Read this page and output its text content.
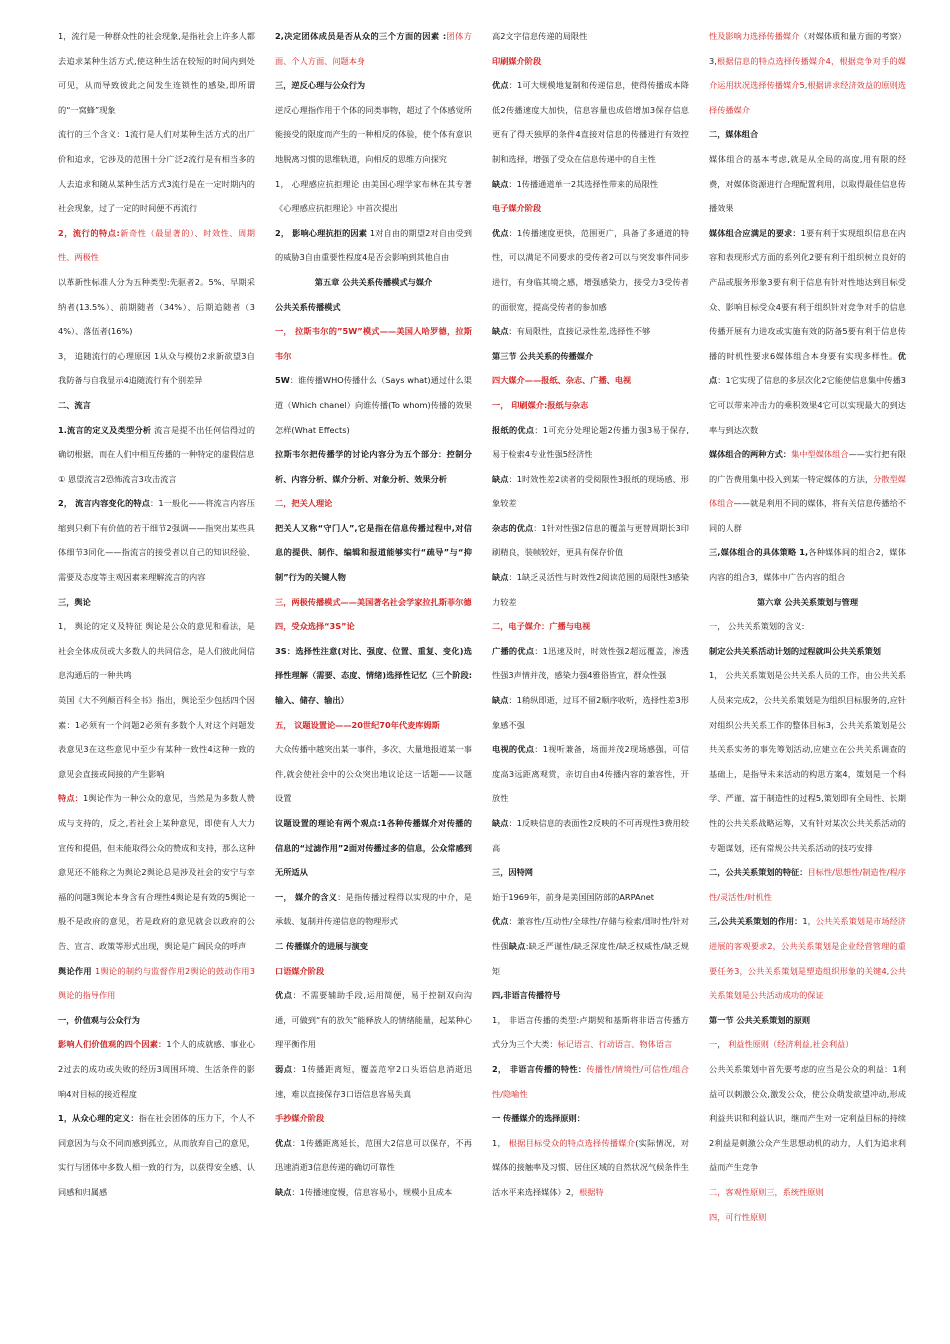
1，流行是一种群众性的社会现象,是指社会上许多人都去追求某种生活方式,使这种生活在较短的时间内到处可见，从而导致彼此之间发生连锁性的感染,即所谓的“一窝蜂”现象

流行的三个含义：1流行是人们对某种生活方式的出厂价和追求，它涉及的范围十分广泛2流行是有相当多的人去追求和随从某种生活方式3流行是在一定时期内的社会现象，过了一定的时间便不再流行

2，流行的特点:新奇性（最显著的）、时效性、周期性、两极性

以革新性标准人分为五种类型:先驱者2。5%、早期采纳者(13.5%）、前期随者（34%）、后期追随者（34%）、落伍者(16%)

3， 追随流行的心理原因 1从众与模仿2求新欲望3自我防备与自我显示4追随流行有个别差异

二、流言

1.流言的定义及类型分析 流言是提不出任何信得过的确切根据，而在人们中相互传播的一种特定的虚假信息

① 恩望流言2恐怖流言3攻击流言

2， 流言内容变化的特点：1一般化——将流言内容压缩到只剩下有价值的若干细节2强调——指突出某些具体细节3同化——指流言的接受者以自己的知识经验、需要及态度等主观因素来理解流言的内容

三，舆论

1， 舆论的定义及特征 舆论是公众的意见和看法，是社会全体成员或大多数人的共同信念，是人们彼此间信息沟通后的一种共鸣

英国《大不列颠百科全书》指出，舆论至少包括四个因素：1必须有一个问题2必须有多数个人对这个问题发表意见3在这些意见中至少有某种一致性4这种一致的意见会直接或间接的产生影响

特点：1舆论作为一种公众的意见，当然是为多数人赞成与支持的，反之,若社会上某种意见，即使有人大力宣传和提倡，但未能取得公众的赞成和支持，那么这种意见还不能称之为舆论2舆论总是涉及社会的安宁与幸福的问题3舆论本身含有合理性4舆论是有效的5舆论一般不是政府的意见，若是政府的意见就会以政府的公告、宣言、政策等形式出现，舆论是广阔民众的呼声

舆论作用 1舆论的制约与监督作用2舆论的鼓动作用3舆论的指导作用

一，价值观与公众行为

影响人们价值观的四个因素：1个人的成就感、事业心2过去的成功或失败的经历3周围环境、生活条件的影响4对目标的接近程度

1，从众心理的定义：指在社会团体的压力下，个人不同意因为与众不同而感到孤立，从而放弃自己的意见，实行与团体中多数人相一致的行为，以获得安全感、认同感和归属感

2,决定团体成员是否从众的三个方面的因素 :团体方面、个人方面、问题本身

三，逆反心理与公众行为

逆反心理指作用于个体的同类事物，超过了个体感觉所能接受的限度而产生的一种相反的体验，使个体有意识地脱离习惯的思维轨道，向相反的思维方向探究

1， 心理感应抗拒理论 由美国心理学家布林在其专著《心理感应抗拒理论》中首次提出

2， 影响心理抗拒的因素 1对自由的期望2对自由受到的威胁3自由重要性程度4是否会影响到其他自由

第五章 公共关系传播模式与媒介

公共关系传播模式

一， 拉斯韦尔的”5W”模式——美国人哈罗德，拉斯韦尔

5W：谁传播WHO传播什么（Says what)通过什么渠道（Which chanel）向谁传播(To whom)传播的效果怎样(What Effects)

拉斯韦尔把传播学的讨论内容分为五个部分：控制分析、内容分析、媒介分析、对象分析、效果分析

二，把关人理论

把关人又称“守门人”,它是指在信息传播过程中,对信息的提供、制作、编辑和报道能够实行“疏导”与“抑制”行为的关键人物

三，两极传播模式——美国著名社会学家拉扎斯菲尔德

四，受众选择“3S”论

3S：选择性注意(对比、强度、位置、重复、变化)选择性理解（需要、态度、情绪)选择性记忆（三个阶段:输入、储存、输出）

五， 议题设置论——20世纪70年代麦库姆斯

大众传播中越突出某一事件，多次、大量地报道某一事件,就会使社会中的公众突出地议论这一话题——议题设置

议题设置的理论有两个观点:1各种传播媒介对传播的信息的“过滤作用”2面对传播过多的信息，公众常感到无所适从

一， 媒介的含义：是指传播过程得以实现的中介，是承载、复制并传递信息的物理形式

二 传播媒介的进展与演变

口语媒介阶段

优点：不需要辅助手段,运用简便，易于控制双向沟通，可做到“有的放矢”能释放人的情绪能量，起某种心理平衡作用

弱点：1传播距离短，覆盖范窄2口头语信息消逝迅速，难以直接保存3口语信息容易失真

手抄媒介阶段

优点：1传播距离延长，范围大2信息可以保存，不再迅速消逝3信息传递的确切可靠性

缺点：1传播速度慢，信息容易小，规模小且成本

高2文字信息传递的局限性

印刷媒介阶段

优点：1可大规模地复制和传递信息，使得传播成本降低2传播速度大加快，信息容量也成倍增加3保存信息更有了得天独厚的条件4直接对信息的传播进行有效控制和选择，增强了受众在信息传递中的自主性

缺点：1传播通道单一2其选择性带来的局限性

电子媒介阶段

优点：1传播速度更快，范围更广，具备了多通道的特性，可以满足不同要求的受传者2可以与突发事件同步进行，有身临其境之感，增强感染力，接受力3受传者的面很宽，提高受传者的参加感

缺点：有局限性，直接记录性差,选择性不够

第三节 公共关系的传播媒介

四大媒介——报纸、杂志、广播、电视

一， 印刷媒介:报纸与杂志

报纸的优点：1可充分处理论题2传播力强3易于保存,易于检索4专业性强5经济性

缺点：1时效性差2读者的受阅限性3报纸的现场感、形象较差

杂志的优点：1针对性强2信息的覆盖与更替周期长3印刷精良，装帧较好，更具有保存价值

缺点：1缺乏灵活性与时效性2阅读范围的局限性3感染力较差

二，电子媒介：广播与电视

广播的优点：1迅速及时，时效性强2超远覆盖，渗透性强3声情并茂，感染力强4雅俗皆宜，群众性强

缺点：1稍纵即逝，过耳不留2顺序收听，选择性差3形象感不强

电视的优点：1视听兼备，场面并茂2现场感强，可信度高3远距离观赏，亲切自由4传播内容的兼容性，开放性

缺点：1反映信息的表面性2反映的不可再现性3费用较高

三，因特网

始于1969年，前身是美国国防部的ARPAnet

优点：兼容性/互动性/全球性/存储与检索/即时性/针对性强缺点:缺乏严谨性/缺乏深度性/缺乏权威性/缺乏规矩

四,非语言传播符号

1， 非语言传播的类型:卢期契和基斯将非语言传播方式分为三个大类：标记语言、行动语言、物体语言

2， 非语言传播的特性：传播性/情境性/可信性/组合性/隐喻性

一 传播媒介的选择原则：

1， 根据目标受众的特点选择传播媒介(实际情况，对媒体的接触率及习惯、居住区域的自然状况气候条件生活水平来选择媒体）2，根据特

性及影响力选择传播媒介（对媒体质和量方面的考察）3,根据信息的特点选择传播媒介4，根据竞争对手的媒介运用状况选择传播媒介5,根据讲求经济效益的原则选择传播媒介

二，媒体组合

媒体组合的基本考虑,就是从全局的高度,用有限的经费，对媒体资源进行合理配置利用，以取得最佳信息传播效果

媒体组合应满足的要求：1要有利于实现组织信息在内容和表现形式方面的系列化2要有利于组织树立良好的产品或服务形象3要有利于信息有针对性地达到目标受众、影响目标受众4要有利于组织针对竞争对手的信息传播开展有力进攻或实施有效的防备5要有利于信息传播的时机性要求6媒体组合本身要有实现多样性。优点：1它实现了信息的多层次化2它能使信息集中传播3它可以带来冲击力的乘积效果4它可以实现最大的到达率与到达次数

媒体组合的两种方式：集中型媒体组合——实行把有限的广告费用集中投入到某一特定媒体的方法，分散型媒体组合——就是利用不同的媒体，将有关信息传播给不同的人群

三,媒体组合的具体策略 1,各种媒体间的组合2，媒体内容的组合3，媒体中广告内容的组合

第六章 公共关系策划与管理

一， 公共关系策划的含义:

制定公共关系活动计划的过程就叫公共关系策划

1， 公共关系策划是公共关系人员的工作，由公共关系人员来完成2，公共关系策划是为组织目标服务的,应针对组织公共关系工作的整体目标3，公共关系策划是公共关系实务的事先筹划活动,应建立在公共关系调查的基础上，是指导未来活动的构思方案4，策划是一个科学、严谨、富于制造性的过程5,策划即有全局性、长期性的公共关系战略运筹，又有针对某次公共关系活动的专题谋划，还有常规公共关系活动的技巧安排

二，公共关系策划的特征：目标性/思想性/制造性/程序性/灵活性/时机性

三,公共关系策划的作用：1，公共关系策划是市场经济进展的客观要求2，公共关系策划是企业经营管理的重要任务3，公共关系策划是塑造组织形象的关键4,公共关系策划是公共活动成功的保证

第一节 公共关系策划的原则

一， 利益性原则（经济利益,社会利益）

公共关系策划中首先要考虑的应当是公众的利益：1利益可以刺激公众,激发公众，使公众萌发欲望冲动,形成利益共识和利益认识，继而产生对一定利益目标的持续2利益是刺激公众产生思想动机的动力，人们为追求利益而产生竞争

二，客观性原则三，系统性原则

四，可行性原则
